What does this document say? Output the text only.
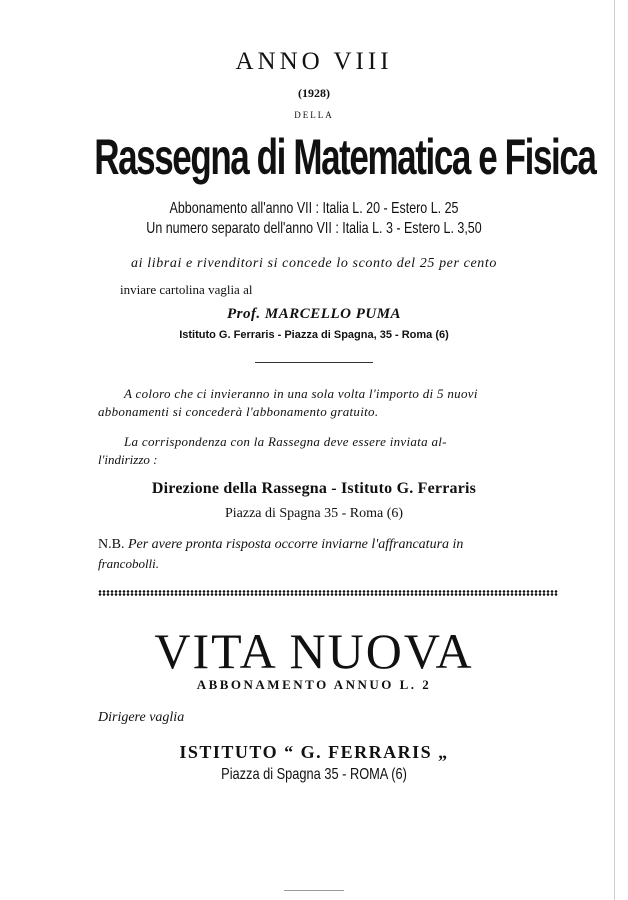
ANNO VIII
(1928)
DELLA
Rassegna di Matematica e Fisica
Abbonamento all'anno VII : Italia L. 20 - Estero L. 25
Un numero separato dell'anno VII : Italia L. 3 - Estero L. 3,50
ai librai e rivenditori si concede lo sconto del 25 per cento
inviare cartolina vaglia al
Prof. MARCELLO PUMA
Istituto G. Ferraris - Piazza di Spagna, 35 - Roma (6)
A coloro che ci invieranno in una sola volta l'importo di 5 nuovi
abbonamenti si concederà l'abbonamento gratuito.
La corrispondenza con la Rassegna deve essere inviata al-
l'indirizzo :
Direzione della Rassegna - Istituto G. Ferraris
Piazza di Spagna 35 - Roma (6)
N.B. Per avere pronta risposta occorre inviarne l'affrancatura in
francobolli.
VITA NUOVA
ABBONAMENTO ANNUO L. 2
Dirigere vaglia
ISTITUTO “ G. FERRARIS „
Piazza di Spagna 35 - ROMA (6)
